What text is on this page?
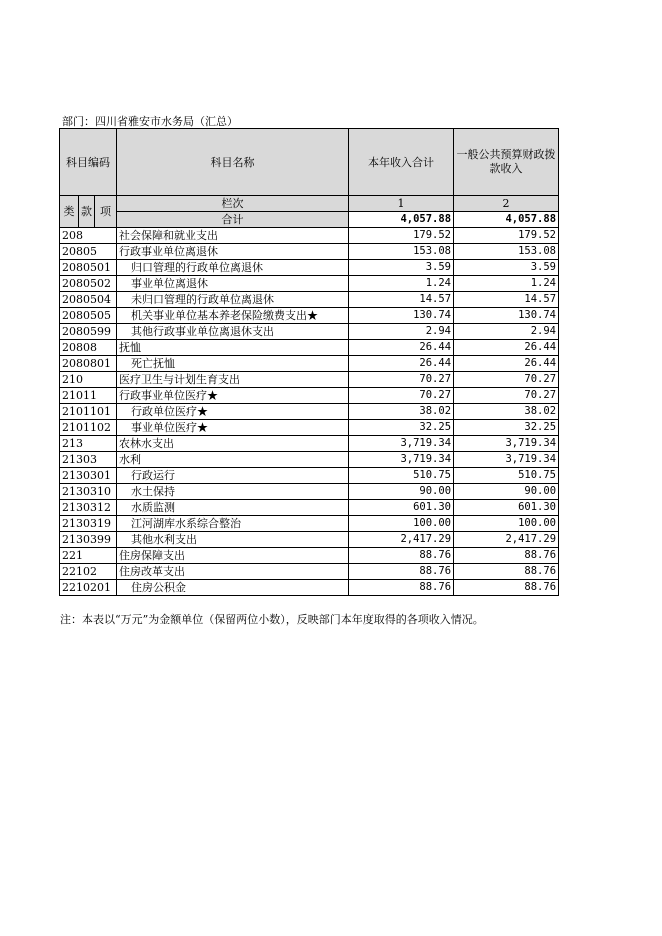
部门：四川省雅安市水务局（汇总）
科目编码			科目名称	本年收入合计	一般公共预算财政拨款收入

类	款	项	栏次	1	2
			合计	4,057.88	4,057.88
208			社会保障和就业支出	179.52	179.52
20805			行政事业单位离退休	153.08	153.08
2080501			归口管理的行政单位离退休	3.59	3.59
2080502			事业单位离退休	1.24	1.24
2080504			未归口管理的行政单位离退休	14.57	14.57
2080505			机关事业单位基本养老保险缴费支出★	130.74	130.74
2080599			其他行政事业单位离退休支出	2.94	2.94
20808			抚恤	26.44	26.44
2080801			死亡抚恤	26.44	26.44
210			医疗卫生与计划生育支出	70.27	70.27
21011			行政事业单位医疗★	70.27	70.27
2101101			行政单位医疗★	38.02	38.02
2101102			事业单位医疗★	32.25	32.25
213			农林水支出	3,719.34	3,719.34
21303			水利	3,719.34	3,719.34
2130301			行政运行	510.75	510.75
2130310			水土保持	90.00	90.00
2130312			水质监测	601.30	601.30
2130319			江河湖库水系综合整治	100.00	100.00
2130399			其他水利支出	2,417.29	2,417.29
221			住房保障支出	88.76	88.76
22102			住房改革支出	88.76	88.76
2210201			住房公积金	88.76	88.76
注：本表以“万元”为金额单位（保留两位小数），反映部门本年度取得的各项收入情况。
